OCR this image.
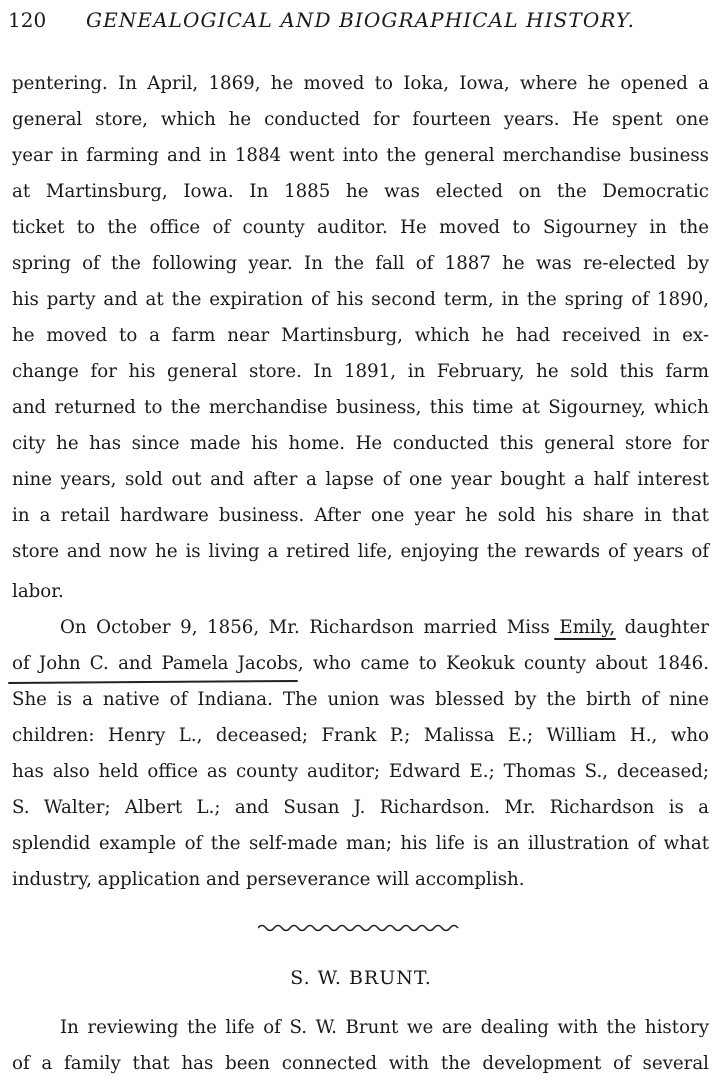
120 GENEALOGICAL AND BIOGRAPHICAL HISTORY.
pentering. In April, 1869, he moved to Ioka, Iowa, where he opened a
general store, which he conducted for fourteen years. He spent one
year in farming and in 1884 went into the general merchandise business
at Martinsburg, Iowa. In 1885 he was elected on the Democratic
ticket to the office of county auditor. He moved to Sigourney in the
spring of the following year. In the fall of 1887 he was re-elected by
his party and at the expiration of his second term, in the spring of 1890,
he moved to a farm near Martinsburg, which he had received in ex-
change for his general store. In 1891, in February, he sold this farm
and returned to the merchandise business, this time at Sigourney, which
city he has since made his home. He conducted this general store for
nine years, sold out and after a lapse of one year bought a half interest
in a retail hardware business. After one year he sold his share in that
store and now he is living a retired life, enjoying the rewards of years of
labor.
On October 9, 1856, Mr. Richardson married Miss Emily, daughter
of John C. and Pamela Jacobs, who came to Keokuk county about 1846.
She is a native of Indiana. The union was blessed by the birth of nine
children: Henry L., deceased; Frank P.; Malissa E.; William H., who
has also held office as county auditor; Edward E.; Thomas S., deceased;
S. Walter; Albert L.; and Susan J. Richardson. Mr. Richardson is a
splendid example of the self-made man; his life is an illustration of what
industry, application and perseverance will accomplish.
S. W. BRUNT.
In reviewing the life of S. W. Brunt we are dealing with the history
of a family that has been connected with the development of several
